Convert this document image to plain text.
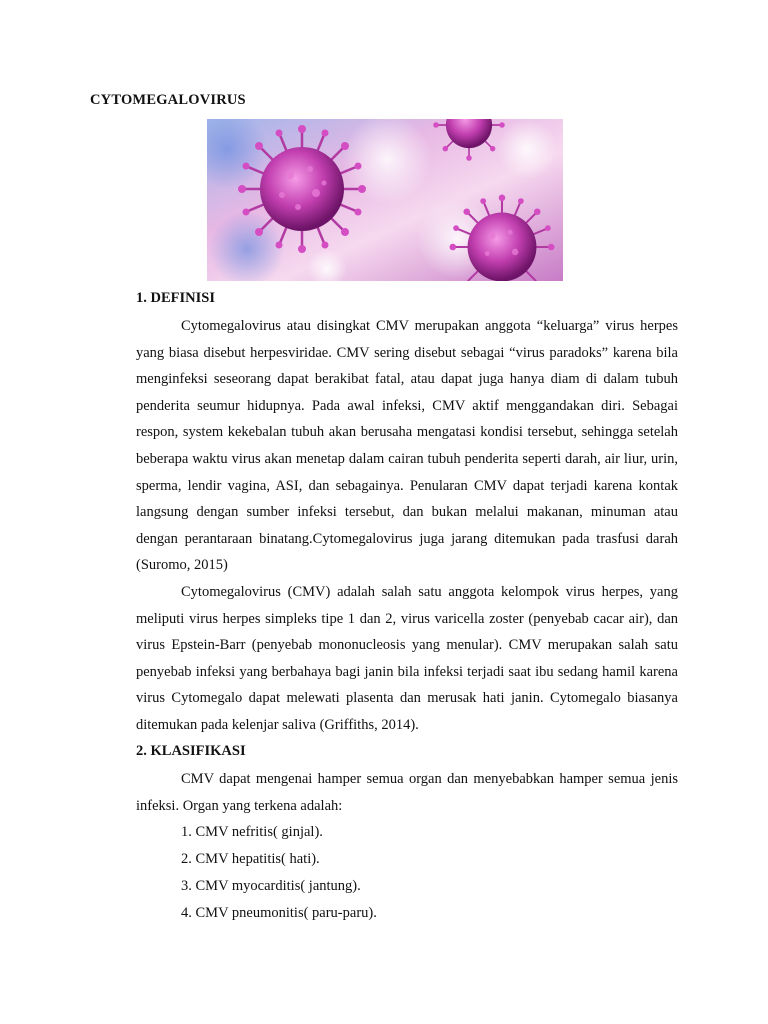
CYTOMEGALOVIRUS
1. DEFINISI

Cytomegalovirus atau disingkat CMV merupakan anggota “keluarga” virus herpes yang biasa disebut herpesviridae. CMV sering disebut sebagai “virus paradoks” karena bila menginfeksi seseorang dapat berakibat fatal, atau dapat juga hanya diam di dalam tubuh penderita seumur hidupnya. Pada awal infeksi, CMV aktif menggandakan diri. Sebagai respon, system kekebalan tubuh akan berusaha mengatasi kondisi tersebut, sehingga setelah beberapa waktu virus akan menetap dalam cairan tubuh penderita seperti darah, air liur, urin, sperma, lendir vagina, ASI, dan sebagainya. Penularan CMV dapat terjadi karena kontak langsung dengan sumber infeksi tersebut, dan bukan melalui makanan, minuman atau dengan perantaraan binatang.Cytomegalovirus juga jarang ditemukan pada trasfusi darah (Suromo, 2015)

Cytomegalovirus (CMV) adalah salah satu anggota kelompok virus herpes, yang meliputi virus herpes simpleks tipe 1 dan 2, virus varicella zoster (penyebab cacar air), dan virus Epstein-Barr (penyebab mononucleosis yang menular). CMV merupakan salah satu penyebab infeksi yang berbahaya bagi janin bila infeksi terjadi saat ibu sedang hamil karena virus Cytomegalo dapat melewati plasenta dan merusak hati janin. Cytomegalo biasanya ditemukan pada kelenjar saliva (Griffiths, 2014).

2. KLASIFIKASI

CMV dapat mengenai hamper semua organ dan menyebabkan hamper semua jenis infeksi. Organ yang terkena adalah:

1. CMV nefritis( ginjal).
2. CMV hepatitis( hati).
3. CMV myocarditis( jantung).
4. CMV pneumonitis( paru-paru).
